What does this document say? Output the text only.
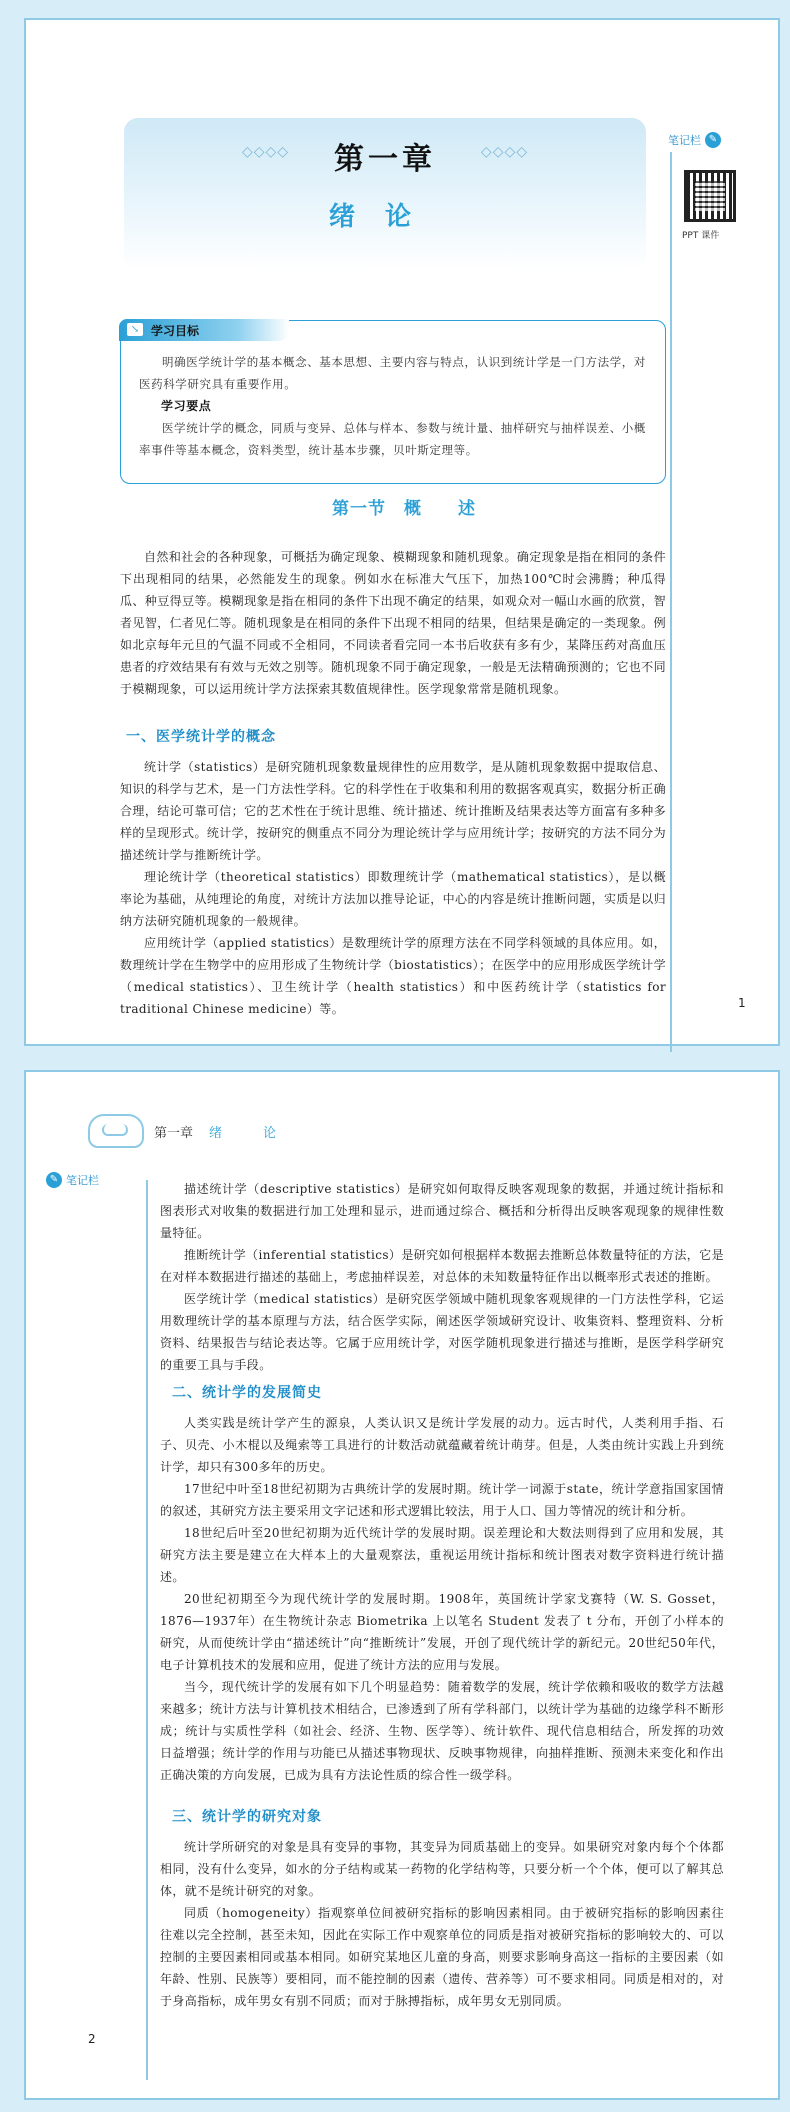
◇◇◇◇	◇◇◇◇
第一章
绪论
笔记栏 ✎
PPT 课件
↘ 学习目标

明确医学统计学的基本概念、基本思想、主要内容与特点，认识到统计学是一门方法学，对医药科学研究具有重要作用。

学习要点

医学统计学的概念，同质与变异、总体与样本、参数与统计量、抽样研究与抽样误差、小概率事件等基本概念，资料类型，统计基本步骤，贝叶斯定理等。

第一节　概　　述

自然和社会的各种现象，可概括为确定现象、模糊现象和随机现象。确定现象是指在相同的条件下出现相同的结果，必然能发生的现象。例如水在标准大气压下，加热100℃时会沸腾；种瓜得瓜、种豆得豆等。模糊现象是指在相同的条件下出现不确定的结果，如观众对一幅山水画的欣赏，智者见智，仁者见仁等。随机现象是在相同的条件下出现不相同的结果，但结果是确定的一类现象。例如北京每年元旦的气温不同或不全相同，不同读者看完同一本书后收获有多有少，某降压药对高血压患者的疗效结果有有效与无效之别等。随机现象不同于确定现象，一般是无法精确预测的；它也不同于模糊现象，可以运用统计学方法探索其数值规律性。医学现象常常是随机现象。

一、医学统计学的概念

统计学（statistics）是研究随机现象数量规律性的应用数学，是从随机现象数据中提取信息、知识的科学与艺术，是一门方法性学科。它的科学性在于收集和利用的数据客观真实，数据分析正确合理，结论可靠可信；它的艺术性在于统计思维、统计描述、统计推断及结果表达等方面富有多种多样的呈现形式。统计学，按研究的侧重点不同分为理论统计学与应用统计学；按研究的方法不同分为描述统计学与推断统计学。

理论统计学（theoretical statistics）即数理统计学（mathematical statistics），是以概率论为基础，从纯理论的角度，对统计方法加以推导论证，中心的内容是统计推断问题，实质是以归纳方法研究随机现象的一般规律。

应用统计学（applied statistics）是数理统计学的原理方法在不同学科领域的具体应用。如，数理统计学在生物学中的应用形成了生物统计学（biostatistics）；在医学中的应用形成医学统计学（medical statistics）、卫生统计学（health statistics）和中医药统计学（statistics for traditional Chinese medicine）等。	1
第一章 绪　论
✎ 笔记栏

描述统计学（descriptive statistics）是研究如何取得反映客观现象的数据，并通过统计指标和图表形式对收集的数据进行加工处理和显示，进而通过综合、概括和分析得出反映客观现象的规律性数量特征。

推断统计学（inferential statistics）是研究如何根据样本数据去推断总体数量特征的方法，它是在对样本数据进行描述的基础上，考虑抽样误差，对总体的未知数量特征作出以概率形式表述的推断。

医学统计学（medical statistics）是研究医学领域中随机现象客观规律的一门方法性学科，它运用数理统计学的基本原理与方法，结合医学实际，阐述医学领域研究设计、收集资料、整理资料、分析资料、结果报告与结论表达等。它属于应用统计学，对医学随机现象进行描述与推断，是医学科学研究的重要工具与手段。

二、统计学的发展简史

人类实践是统计学产生的源泉，人类认识又是统计学发展的动力。远古时代，人类利用手指、石子、贝壳、小木棍以及绳索等工具进行的计数活动就蕴藏着统计萌芽。但是，人类由统计实践上升到统计学，却只有300多年的历史。

17世纪中叶至18世纪初期为古典统计学的发展时期。统计学一词源于state，统计学意指国家国情的叙述，其研究方法主要采用文字记述和形式逻辑比较法，用于人口、国力等情况的统计和分析。

18世纪后叶至20世纪初期为近代统计学的发展时期。误差理论和大数法则得到了应用和发展，其研究方法主要是建立在大样本上的大量观察法，重视运用统计指标和统计图表对数字资料进行统计描述。

20世纪初期至今为现代统计学的发展时期。1908年，英国统计学家戈赛特（W. S. Gosset，1876—1937年）在生物统计杂志 Biometrika 上以笔名 Student 发表了 t 分布，开创了小样本的研究，从而使统计学由“描述统计”向“推断统计”发展，开创了现代统计学的新纪元。20世纪50年代，电子计算机技术的发展和应用，促进了统计方法的应用与发展。

当今，现代统计学的发展有如下几个明显趋势：随着数学的发展，统计学依赖和吸收的数学方法越来越多；统计方法与计算机技术相结合，已渗透到了所有学科部门，以统计学为基础的边缘学科不断形成；统计与实质性学科（如社会、经济、生物、医学等）、统计软件、现代信息相结合，所发挥的功效日益增强；统计学的作用与功能已从描述事物现状、反映事物规律，向抽样推断、预测未来变化和作出正确决策的方向发展，已成为具有方法论性质的综合性一级学科。

三、统计学的研究对象

统计学所研究的对象是具有变异的事物，其变异为同质基础上的变异。如果研究对象内每个个体都相同，没有什么变异，如水的分子结构或某一药物的化学结构等，只要分析一个个体，便可以了解其总体，就不是统计研究的对象。

同质（homogeneity）指观察单位间被研究指标的影响因素相同。由于被研究指标的影响因素往往难以完全控制，甚至未知，因此在实际工作中观察单位的同质是指对被研究指标的影响较大的、可以控制的主要因素相同或基本相同。如研究某地区儿童的身高，则要求影响身高这一指标的主要因素（如年龄、性别、民族等）要相同，而不能控制的因素（遗传、营养等）可不要求相同。同质是相对的，对于身高指标，成年男女有别不同质；而对于脉搏指标，成年男女无别同质。

2
